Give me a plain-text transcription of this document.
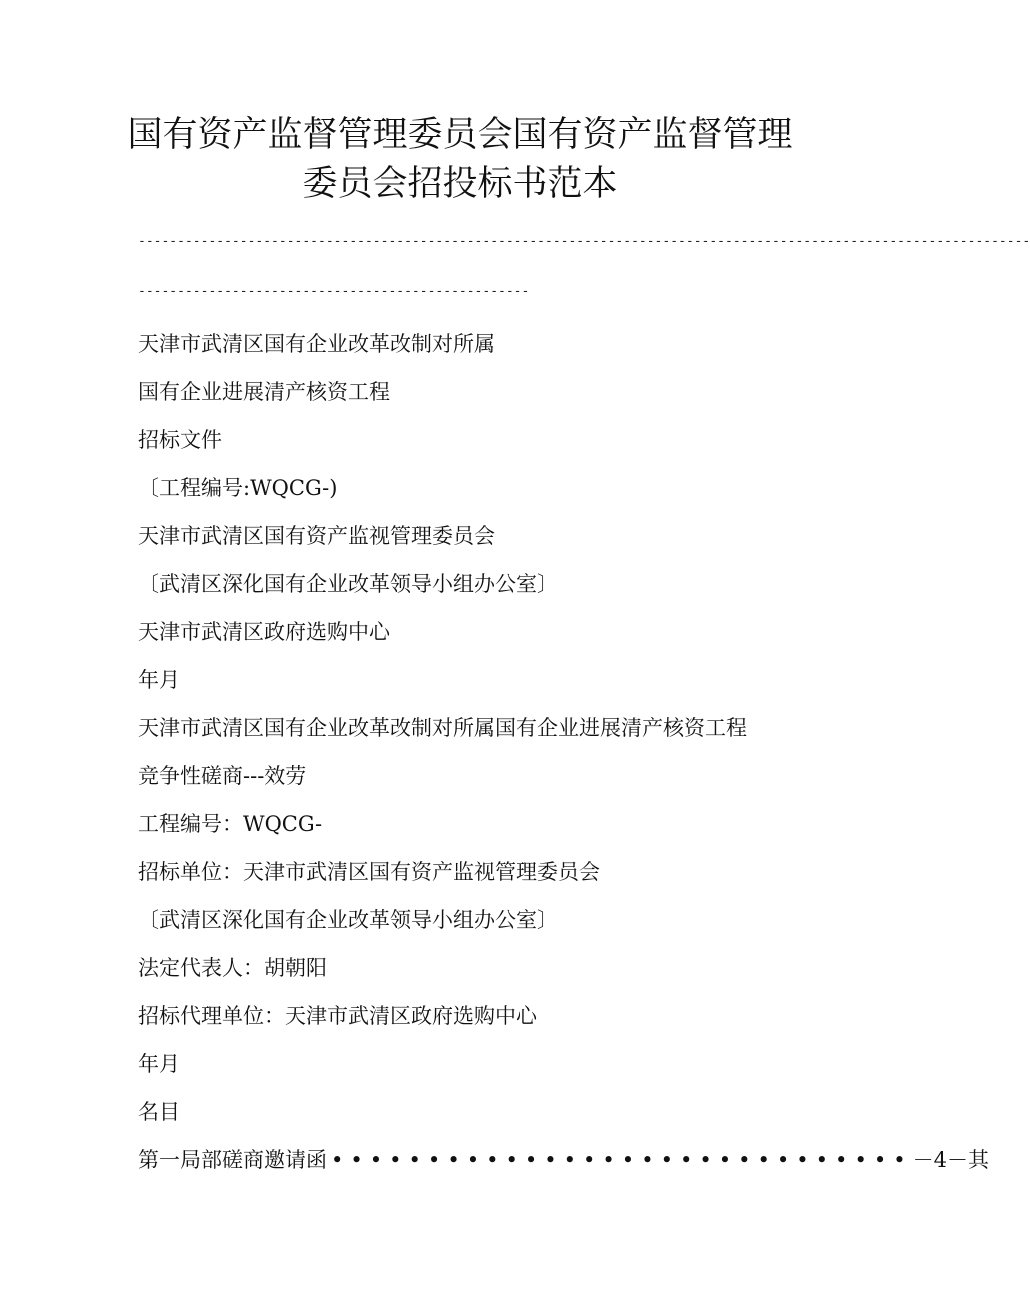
国有资产监督管理委员会国有资产监督管理
委员会招投标书范本
------------------------------------------------------------------------------------------------------------------
--------------------------------------------------
天津市武清区国有企业改革改制对所属
国有企业进展清产核资工程
招标文件
〔工程编号:WQCG-)
天津市武清区国有资产监视管理委员会
〔武清区深化国有企业改革领导小组办公室〕
天津市武清区政府选购中心
年月
天津市武清区国有企业改革改制对所属国有企业进展清产核资工程
竞争性磋商---效劳
工程编号：WQCG-
招标单位：天津市武清区国有资产监视管理委员会
〔武清区深化国有企业改革领导小组办公室〕
法定代表人：胡朝阳
招标代理单位：天津市武清区政府选购中心
年月
名目
第一局部磋商邀请函 •••••••••••••••••••••••••••••• －4－其
